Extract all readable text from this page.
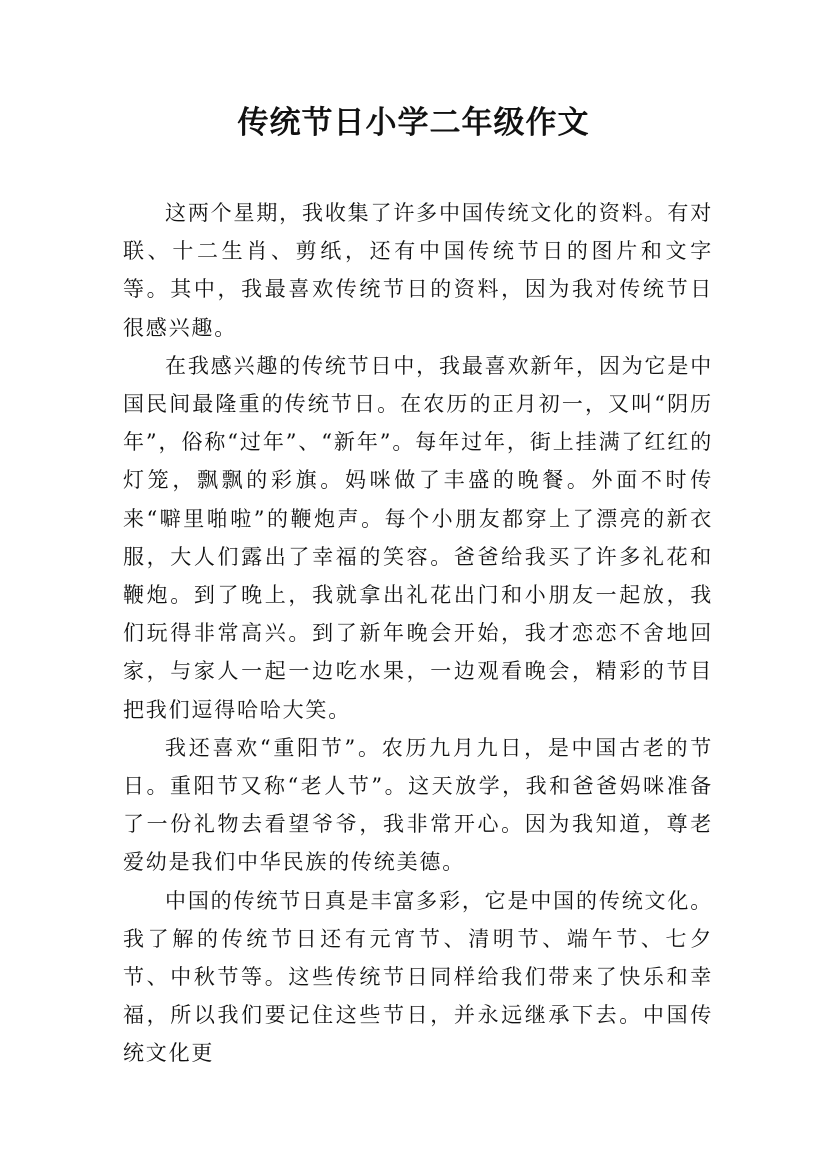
传统节日小学二年级作文

这两个星期，我收集了许多中国传统文化的资料。有对联、十二生肖、剪纸，还有中国传统节日的图片和文字等。其中，我最喜欢传统节日的资料，因为我对传统节日很感兴趣。

在我感兴趣的传统节日中，我最喜欢新年，因为它是中国民间最隆重的传统节日。在农历的正月初一，又叫“阴历年”，俗称“过年”、“新年”。每年过年，街上挂满了红红的灯笼，飘飘的彩旗。妈咪做了丰盛的晚餐。外面不时传来“噼里啪啦”的鞭炮声。每个小朋友都穿上了漂亮的新衣服，大人们露出了幸福的笑容。爸爸给我买了许多礼花和鞭炮。到了晚上，我就拿出礼花出门和小朋友一起放，我们玩得非常高兴。到了新年晚会开始，我才恋恋不舍地回家，与家人一起一边吃水果，一边观看晚会，精彩的节目把我们逗得哈哈大笑。

我还喜欢“重阳节”。农历九月九日，是中国古老的节日。重阳节又称“老人节”。这天放学，我和爸爸妈咪准备了一份礼物去看望爷爷，我非常开心。因为我知道，尊老爱幼是我们中华民族的传统美德。

中国的传统节日真是丰富多彩，它是中国的传统文化。我了解的传统节日还有元宵节、清明节、端午节、七夕节、中秋节等。这些传统节日同样给我们带来了快乐和幸福，所以我们要记住这些节日，并永远继承下去。中国传统文化更
